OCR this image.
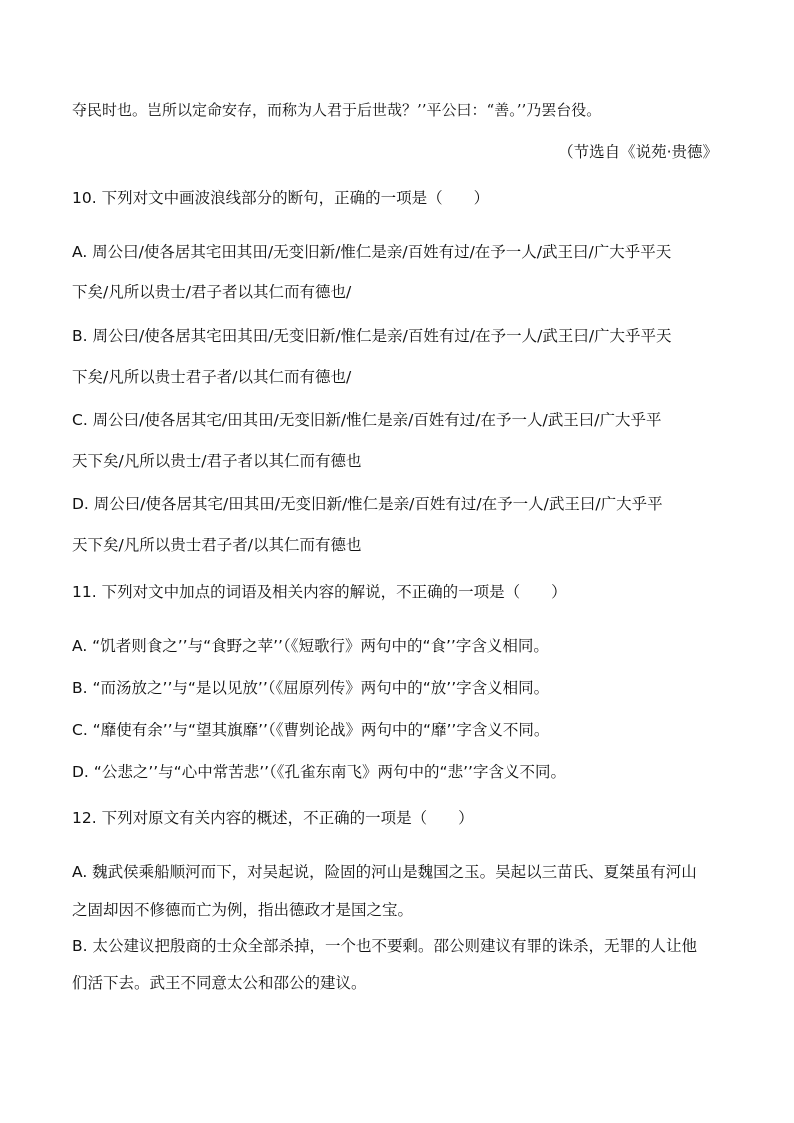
夺民时也。岂所以定命安存，而称为人君于后世哉？’’平公曰：“善。’’乃罢台役。
（节选自《说苑·贵德》
10. 下列对文中画波浪线部分的断句，正确的一项是（　　）
A. 周公曰/使各居其宅田其田/无变旧新/惟仁是亲/百姓有过/在予一人/武王曰/广大乎平天
下矣/凡所以贵士/君子者以其仁而有德也/
B. 周公曰/使各居其宅田其田/无变旧新/惟仁是亲/百姓有过/在予一人/武王曰/广大乎平天
下矣/凡所以贵士君子者/以其仁而有德也/
C. 周公曰/使各居其宅/田其田/无变旧新/惟仁是亲/百姓有过/在予一人/武王曰/广大乎平
天下矣/凡所以贵士/君子者以其仁而有德也
D. 周公曰/使各居其宅/田其田/无变旧新/惟仁是亲/百姓有过/在予一人/武王曰/广大乎平
天下矣/凡所以贵士君子者/以其仁而有德也
11. 下列对文中加点的词语及相关内容的解说，不正确的一项是（　　）
A. “饥者则食之’’与“食野之苹’’（《短歌行》两句中的“食’’字含义相同。
B. “而汤放之’’与“是以见放’’（《屈原列传》两句中的“放’’字含义相同。
C. “靡使有余’’与“望其旗靡’’（《曹刿论战》两句中的“靡’’字含义不同。
D. “公悲之’’与“心中常苦悲’’（《孔雀东南飞》两句中的“悲’’字含义不同。
12. 下列对原文有关内容的概述，不正确的一项是（　　）
A. 魏武侯乘船顺河而下，对吴起说，险固的河山是魏国之玉。吴起以三苗氏、夏桀虽有河山
之固却因不修德而亡为例，指出德政才是国之宝。
B. 太公建议把殷商的士众全部杀掉，一个也不要剩。邵公则建议有罪的诛杀，无罪的人让他
们活下去。武王不同意太公和邵公的建议。
